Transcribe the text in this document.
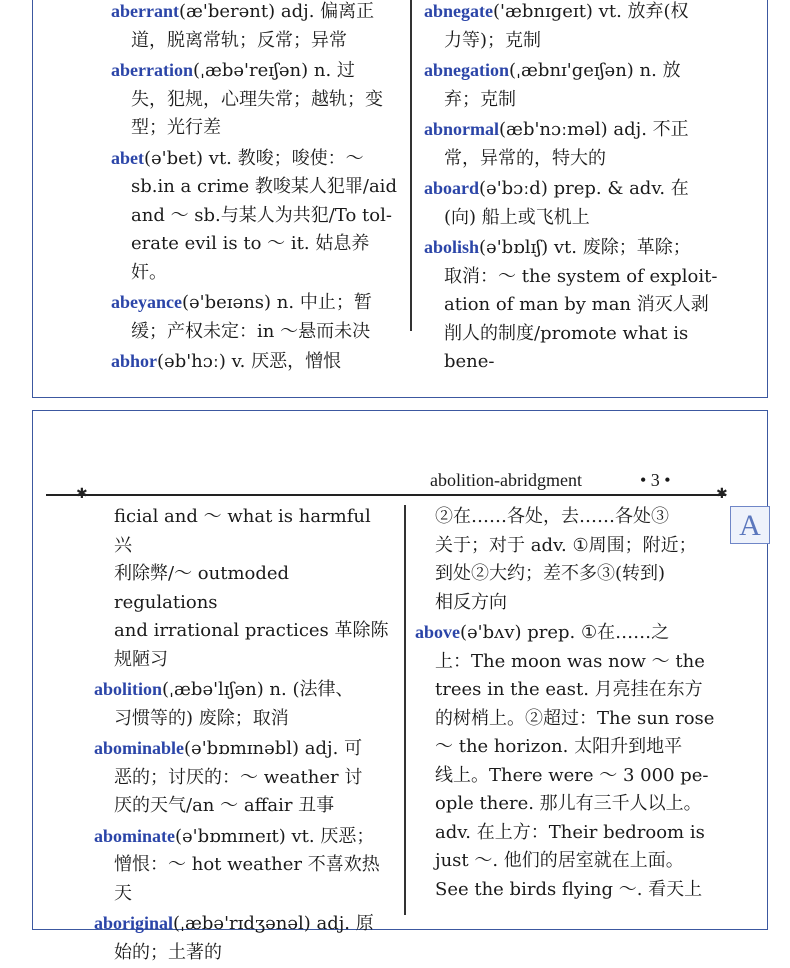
aberrant(æ'berənt) adj. 偏离正
道，脱离常轨；反常；异常
aberration(ˌæbə'reɪʃən) n. 过
失，犯规，心理失常；越轨；变
型；光行差
abet(ə'bet) vt. 教唆；唆使：～
sb.in a crime 教唆某人犯罪/aid
and ～ sb.与某人为共犯/To tol-
erate evil is to ～ it. 姑息养奸。
abeyance(ə'beɪəns) n. 中止；暂
缓；产权未定：in ～悬而未决
abhor(əb'hɔː) v. 厌恶，憎恨
abnegate('æbnɪgeɪt) vt. 放弃(权
力等)；克制
abnegation(ˌæbnɪ'geɪʃən) n. 放
弃；克制
abnormal(æb'nɔːməl) adj. 不正
常，异常的，特大的
aboard(ə'bɔːd) prep. & adv. 在
(向) 船上或飞机上
abolish(ə'bɒlɪʃ) vt. 废除；革除；
取消：～ the system of exploit-
ation of man by man 消灭人剥
削人的制度/promote what is bene-
abolition-abridgment	• 3 •
✱	✱
A
ficial and ～ what is harmful 兴
利除弊/～ outmoded regulations
and irrational practices 革除陈
规陋习
abolition(ˌæbə'lɪʃən) n. (法律、
习惯等的) 废除；取消
abominable(ə'bɒmɪnəbl) adj. 可
恶的；讨厌的：～ weather 讨
厌的天气/an ～ affair 丑事
abominate(ə'bɒmɪneɪt) vt. 厌恶；
憎恨：～ hot weather 不喜欢热
天
aboriginal(ˌæbə'rɪdʒənəl) adj. 原
始的；土著的
②在……各处，去……各处③
关于；对于 adv. ①周围；附近；
到处②大约；差不多③(转到)
相反方向
above(ə'bʌv) prep. ①在……之
上：The moon was now ～ the
trees in the east. 月亮挂在东方
的树梢上。②超过：The sun rose
～ the horizon. 太阳升到地平
线上。There were ～ 3 000 pe-
ople there. 那儿有三千人以上。
adv. 在上方：Their bedroom is
just ～. 他们的居室就在上面。
See the birds flying ～. 看天上
